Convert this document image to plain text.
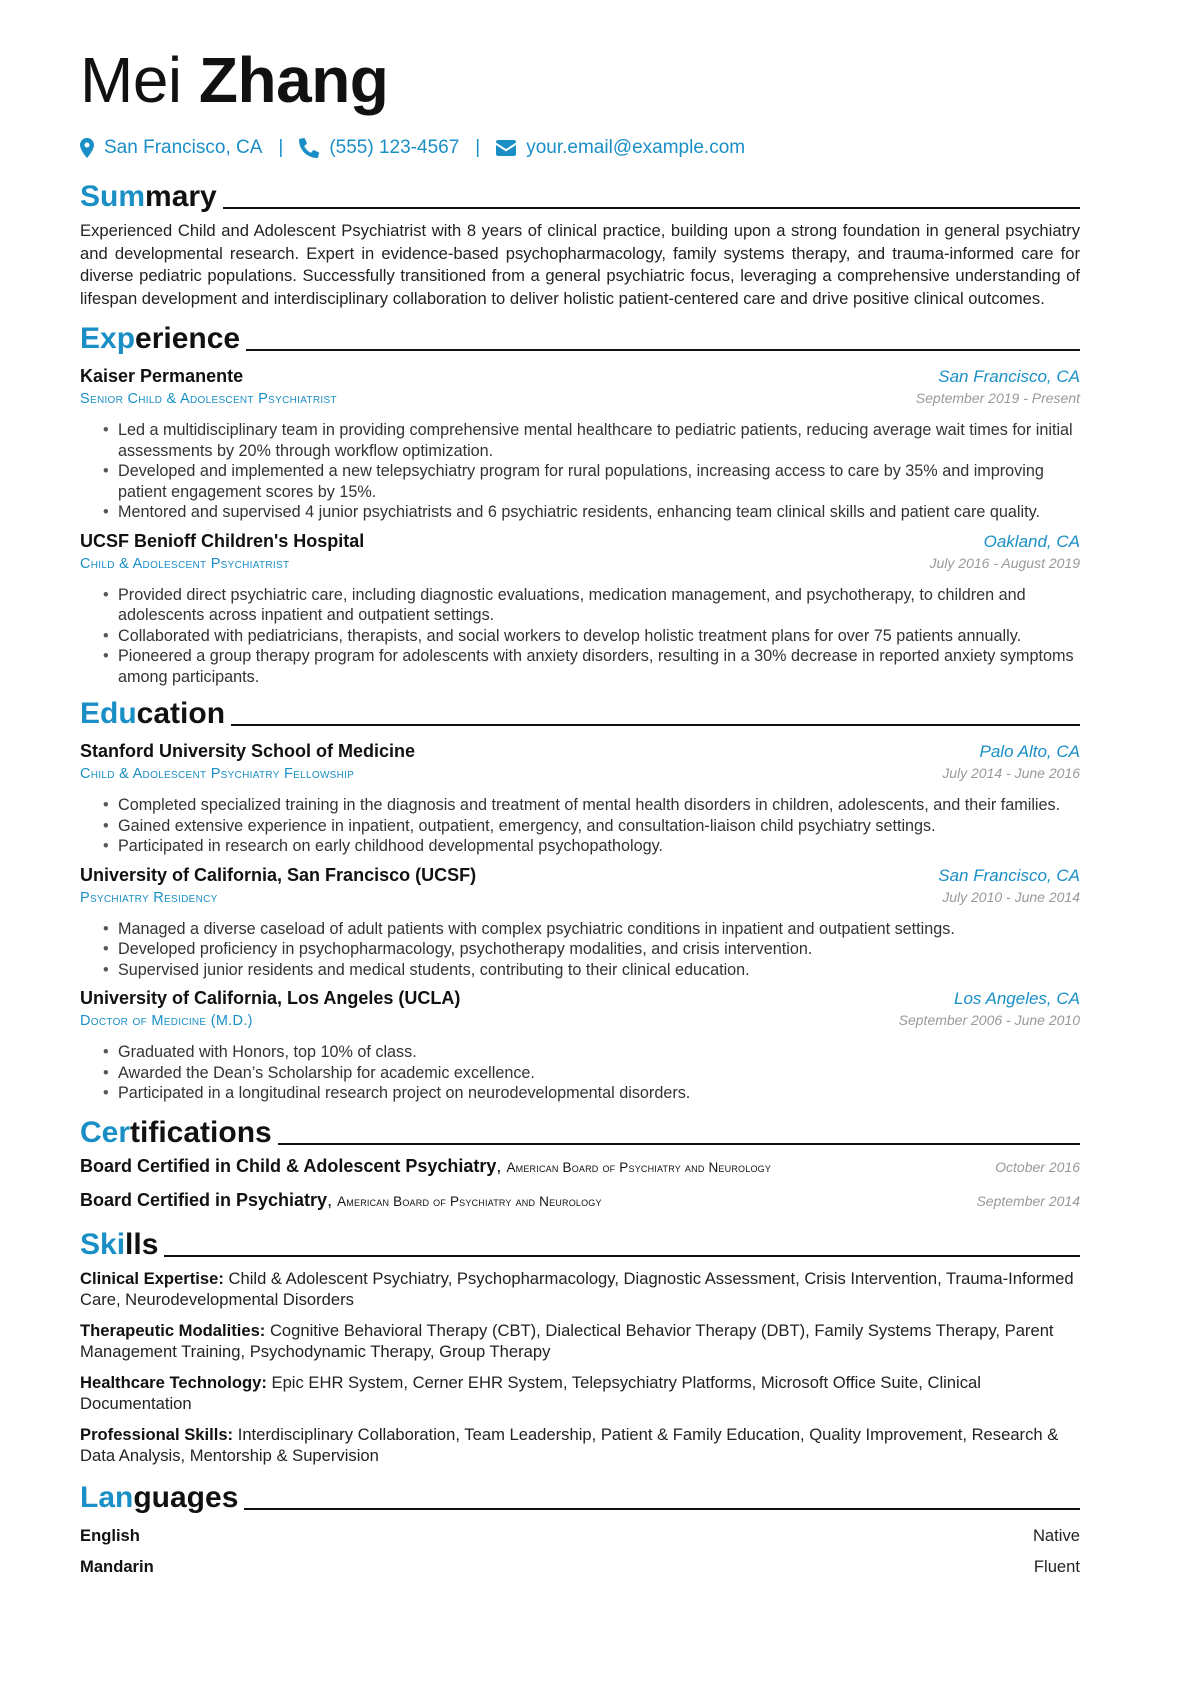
Mei Zhang
San Francisco, CA | (555) 123-4567 | your.email@example.com
Summary
Experienced Child and Adolescent Psychiatrist with 8 years of clinical practice, building upon a strong foundation in general psychiatry and developmental research. Expert in evidence-based psychopharmacology, family systems therapy, and trauma-informed care for diverse pediatric populations. Successfully transitioned from a general psychiatric focus, leveraging a comprehensive understanding of lifespan development and interdisciplinary collaboration to deliver holistic patient-centered care and drive positive clinical outcomes.
Experience
Kaiser Permanente	San Francisco, CA
Senior Child & Adolescent Psychiatrist	September 2019 - Present
• Led a multidisciplinary team in providing comprehensive mental healthcare to pediatric patients, reducing average wait times for initial assessments by 20% through workflow optimization.
• Developed and implemented a new telepsychiatry program for rural populations, increasing access to care by 35% and improving patient engagement scores by 15%.
• Mentored and supervised 4 junior psychiatrists and 6 psychiatric residents, enhancing team clinical skills and patient care quality.
UCSF Benioff Children's Hospital	Oakland, CA
Child & Adolescent Psychiatrist	July 2016 - August 2019
• Provided direct psychiatric care, including diagnostic evaluations, medication management, and psychotherapy, to children and adolescents across inpatient and outpatient settings.
• Collaborated with pediatricians, therapists, and social workers to develop holistic treatment plans for over 75 patients annually.
• Pioneered a group therapy program for adolescents with anxiety disorders, resulting in a 30% decrease in reported anxiety symptoms among participants.
Education
Stanford University School of Medicine	Palo Alto, CA
Child & Adolescent Psychiatry Fellowship	July 2014 - June 2016
• Completed specialized training in the diagnosis and treatment of mental health disorders in children, adolescents, and their families.
• Gained extensive experience in inpatient, outpatient, emergency, and consultation-liaison child psychiatry settings.
• Participated in research on early childhood developmental psychopathology.
University of California, San Francisco (UCSF)	San Francisco, CA
Psychiatry Residency	July 2010 - June 2014
• Managed a diverse caseload of adult patients with complex psychiatric conditions in inpatient and outpatient settings.
• Developed proficiency in psychopharmacology, psychotherapy modalities, and crisis intervention.
• Supervised junior residents and medical students, contributing to their clinical education.
University of California, Los Angeles (UCLA)	Los Angeles, CA
Doctor of Medicine (M.D.)	September 2006 - June 2010
• Graduated with Honors, top 10% of class.
• Awarded the Dean’s Scholarship for academic excellence.
• Participated in a longitudinal research project on neurodevelopmental disorders.
Certifications
Board Certified in Child & Adolescent Psychiatry, American Board of Psychiatry and Neurology	October 2016
Board Certified in Psychiatry, American Board of Psychiatry and Neurology	September 2014
Skills
Clinical Expertise: Child & Adolescent Psychiatry, Psychopharmacology, Diagnostic Assessment, Crisis Intervention, Trauma-Informed Care, Neurodevelopmental Disorders
Therapeutic Modalities: Cognitive Behavioral Therapy (CBT), Dialectical Behavior Therapy (DBT), Family Systems Therapy, Parent Management Training, Psychodynamic Therapy, Group Therapy
Healthcare Technology: Epic EHR System, Cerner EHR System, Telepsychiatry Platforms, Microsoft Office Suite, Clinical Documentation
Professional Skills: Interdisciplinary Collaboration, Team Leadership, Patient & Family Education, Quality Improvement, Research & Data Analysis, Mentorship & Supervision
Languages
English	Native
Mandarin	Fluent
